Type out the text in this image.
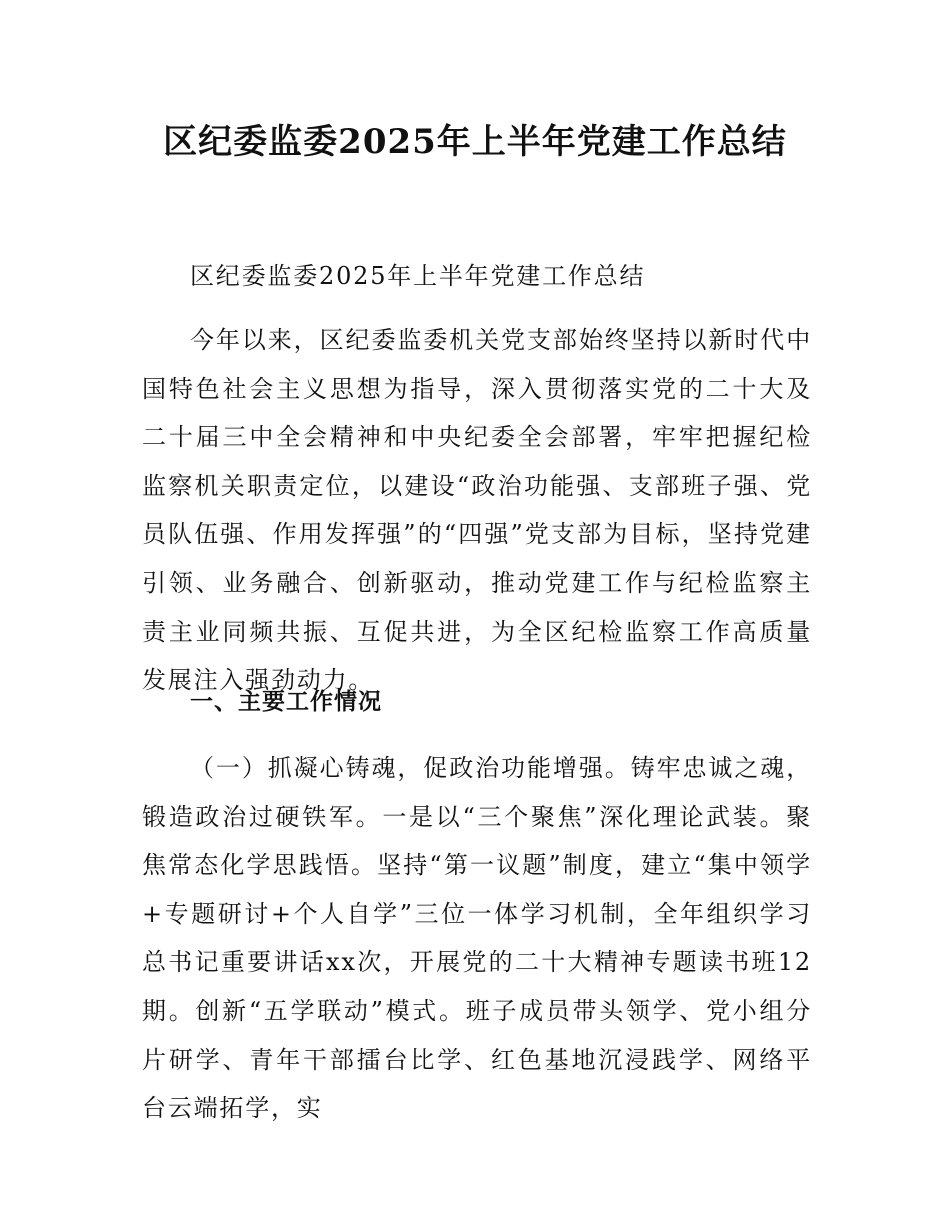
区纪委监委2025年上半年党建工作总结

区纪委监委2025年上半年党建工作总结

今年以来，区纪委监委机关党支部始终坚持以新时代中国特色社会主义思想为指导，深入贯彻落实党的二十大及二十届三中全会精神和中央纪委全会部署，牢牢把握纪检监察机关职责定位，以建设“政治功能强、支部班子强、党员队伍强、作用发挥强”的“四强”党支部为目标，坚持党建引领、业务融合、创新驱动，推动党建工作与纪检监察主责主业同频共振、互促共进，为全区纪检监察工作高质量发展注入强劲动力。

一、主要工作情况

（一）抓凝心铸魂，促政治功能增强。铸牢忠诚之魂，锻造政治过硬铁军。一是以“三个聚焦”深化理论武装。聚焦常态化学思践悟。坚持“第一议题”制度，建立“集中领学+专题研讨+个人自学”三位一体学习机制，全年组织学习总书记重要讲话xx次，开展党的二十大精神专题读书班12期。创新“五学联动”模式。班子成员带头领学、党小组分片研学、青年干部擂台比学、红色基地沉浸践学、网络平台云端拓学，实
